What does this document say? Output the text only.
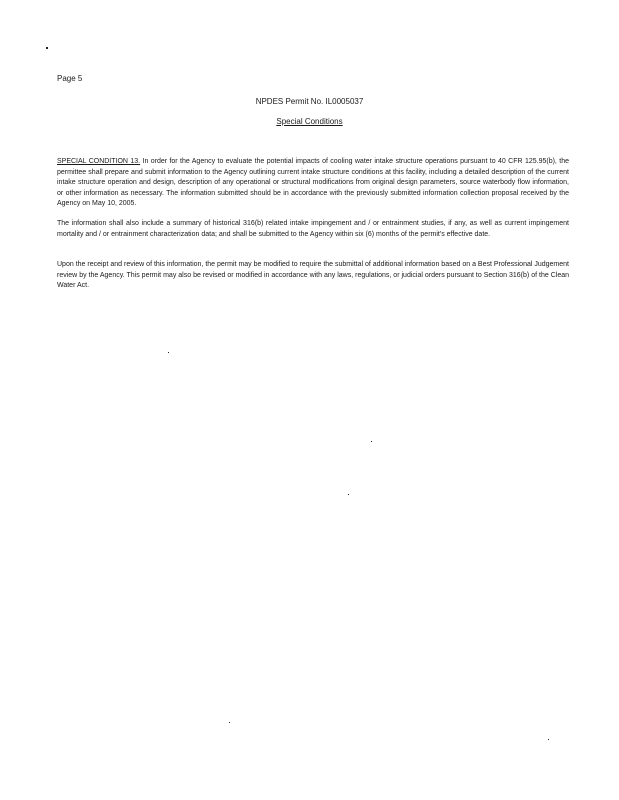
Page 5
NPDES Permit No. IL0005037
Special Conditions

SPECIAL CONDITION 13. In order for the Agency to evaluate the potential impacts of cooling water intake structure operations pursuant to 40 CFR 125.95(b), the permittee shall prepare and submit information to the Agency outlining current intake structure conditions at this facility, including a detailed description of the current intake structure operation and design, description of any operational or structural modifications from original design parameters, source waterbody flow information, or other information as necessary. The information submitted should be in accordance with the previously submitted information collection proposal received by the Agency on May 10, 2005.

The information shall also include a summary of historical 316(b) related intake impingement and / or entrainment studies, if any, as well as current impingement mortality and / or entrainment characterization data; and shall be submitted to the Agency within six (6) months of the permit's effective date.

Upon the receipt and review of this information, the permit may be modified to require the submittal of additional information based on a Best Professional Judgement review by the Agency. This permit may also be revised or modified in accordance with any laws, regulations, or judicial orders pursuant to Section 316(b) of the Clean Water Act.
